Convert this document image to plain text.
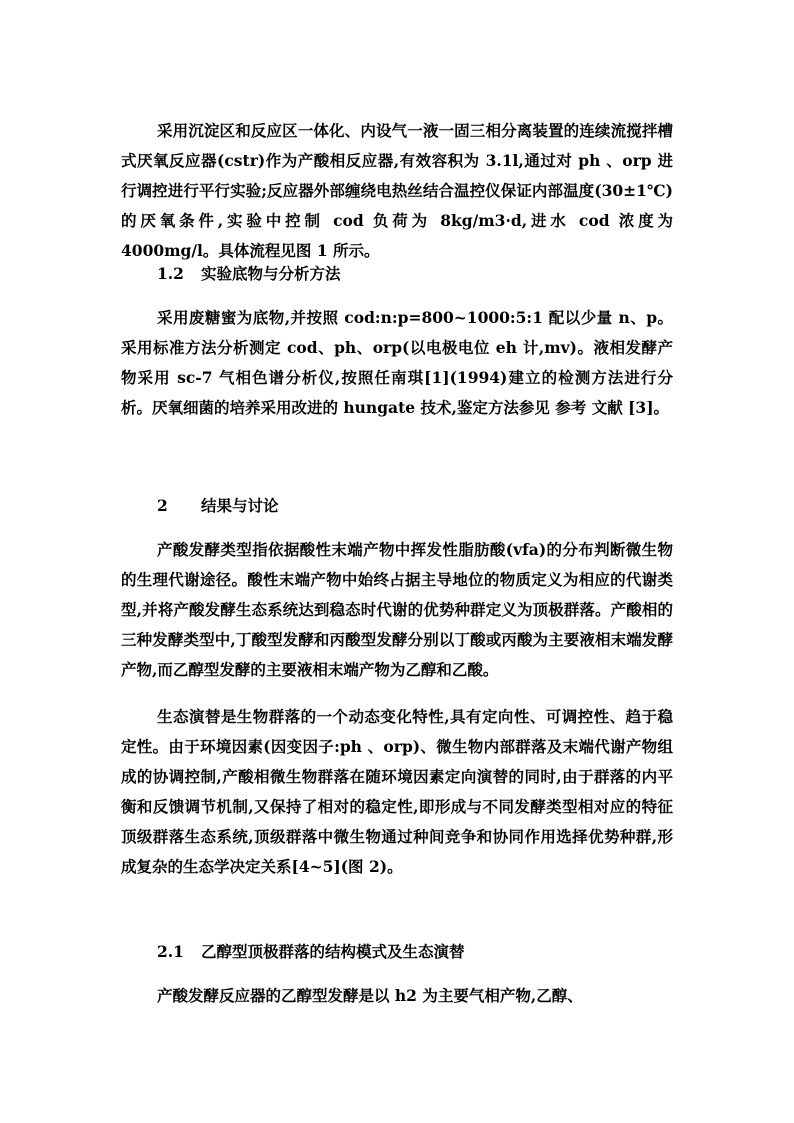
采用沉淀区和反应区一体化、内设气一液一固三相分离装置的连续流搅拌槽式厌氧反应器(cstr)作为产酸相反应器,有效容积为 3.1l,通过对 ph 、orp 进行调控进行平行实验;反应器外部缠绕电热丝结合温控仪保证内部温度(30±1℃)的厌氧条件,实验中控制 cod 负荷为 8kg/m3·d,进水 cod 浓度为 4000mg/l。具体流程见图 1 所示。

1.2 实验底物与分析方法

采用废糖蜜为底物,并按照 cod:n:p=800~1000:5:1 配以少量 n、p。采用标准方法分析测定 cod、ph、orp(以电极电位 eh 计,mv)。液相发酵产物采用 sc-7 气相色谱分析仪,按照任南琪[1](1994)建立的检测方法进行分析。厌氧细菌的培养采用改进的 hungate 技术,鉴定方法参见 参考 文献 [3]。

2 结果与讨论

产酸发酵类型指依据酸性末端产物中挥发性脂肪酸(vfa)的分布判断微生物的生理代谢途径。酸性末端产物中始终占据主导地位的物质定义为相应的代谢类型,并将产酸发酵生态系统达到稳态时代谢的优势种群定义为顶极群落。产酸相的三种发酵类型中,丁酸型发酵和丙酸型发酵分别以丁酸或丙酸为主要液相末端发酵产物,而乙醇型发酵的主要液相末端产物为乙醇和乙酸。

生态演替是生物群落的一个动态变化特性,具有定向性、可调控性、趋于稳定性。由于环境因素(因变因子:ph 、orp)、微生物内部群落及末端代谢产物组成的协调控制,产酸相微生物群落在随环境因素定向演替的同时,由于群落的内平衡和反馈调节机制,又保持了相对的稳定性,即形成与不同发酵类型相对应的特征顶级群落生态系统,顶级群落中微生物通过种间竞争和协同作用选择优势种群,形成复杂的生态学决定关系[4~5](图 2)。

2.1 乙醇型顶极群落的结构模式及生态演替

产酸发酵反应器的乙醇型发酵是以 h2 为主要气相产物,乙醇、
